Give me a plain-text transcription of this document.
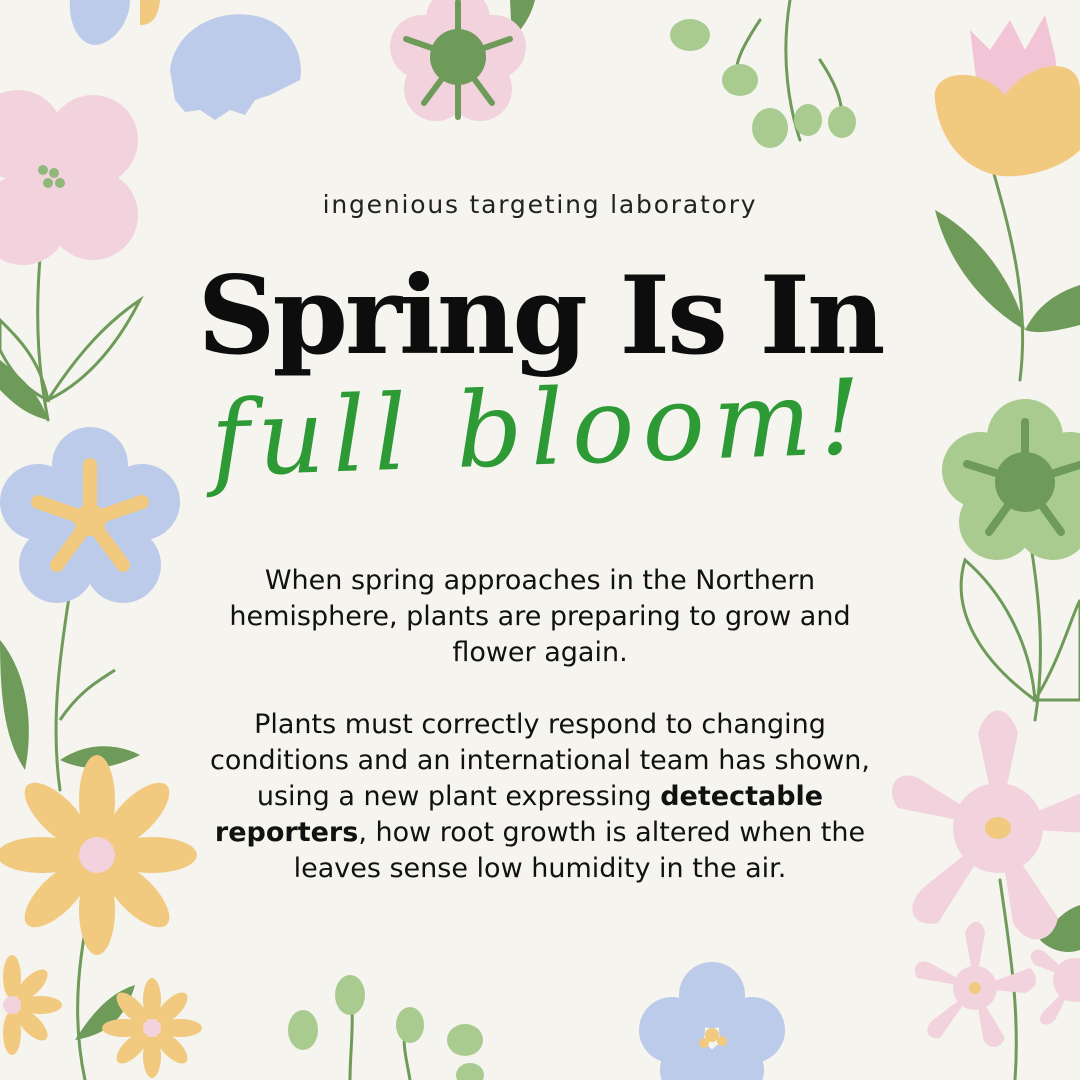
ingenious targeting laboratory
Spring Is In
full bloom!
When spring approaches in the Northern hemisphere, plants are preparing to grow and flower again.
Plants must correctly respond to changing conditions and an international team has shown, using a new plant expressing detectable reporters, how root growth is altered when the leaves sense low humidity in the air.
